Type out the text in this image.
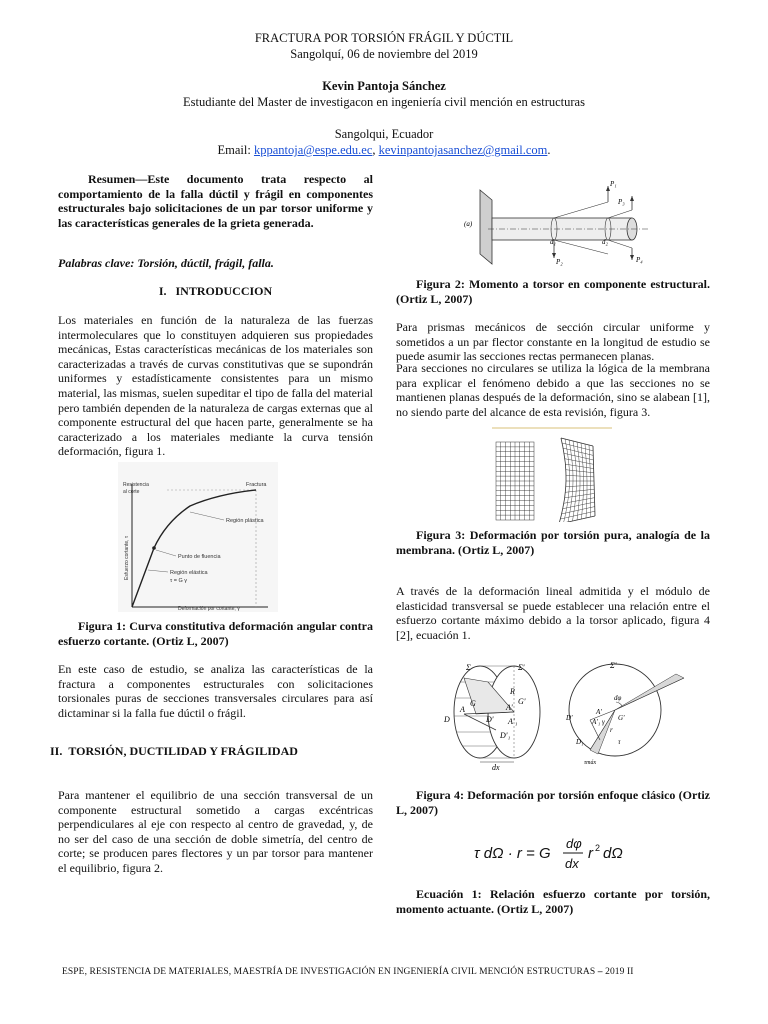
FRACTURA POR TORSIÓN FRÁGIL Y DÚCTIL
Sangolquí, 06 de noviembre del 2019
Kevin Pantoja Sánchez
Estudiante del Master de investigacon en ingeniería civil mención en estructuras
Sangolqui, Ecuador
Email: kppantoja@espe.edu.ec, kevinpantojasanchez@gmail.com.
Resumen—Este documento trata respecto al comportamiento de la falla dúctil y frágil en componentes estructurales bajo solicitaciones de un par torsor uniforme y las características generales de la grieta generada.
Palabras clave: Torsión, dúctil, frágil, falla.
I.   INTRODUCCION
Los materiales en función de la naturaleza de las fuerzas intermoleculares que lo constituyen adquieren sus propiedades mecánicas, Estas características mecánicas de los materiales son caracterizadas a través de curvas constitutivas que se supondrán uniformes y estadísticamente consistentes para un mismo material, las mismas, suelen supeditar el tipo de falla del material pero también dependen de la naturaleza de cargas externas que al componente estructural del que hacen parte, generalmente se ha caracterizado a los materiales mediante la curva tensión deformación, figura 1.
Resistencia
al corte
Fractura
Región plástica
Punto de fluencia
Región elástica
τ = G γ
Deformación por cortante, γ
Esfuerzo cortante, τ
Figura 1: Curva constitutiva deformación angular contra esfuerzo cortante. (Ortiz L, 2007)
En este caso de estudio, se analiza las características de la fractura a componentes estructurales con solicitaciones torsionales puras de secciones transversales circulares para así dictaminar si la falla fue dúctil o frágil.
II.  TORSIÓN, DUCTILIDAD Y FRÁGILIDAD
Para mantener el equilibrio de una sección transversal de un componente estructural sometido a cargas excéntricas perpendiculares al eje con respecto al centro de gravedad, y, de no ser del caso de una sección de doble simetría, del centro de corte; se producen pares flectores y un par torsor para mantener el equilibrio, figura 2.
(a)
P₁
P₃
P₂	P₄
d₁	d₂
Figura 2: Momento a torsor en componente estructural. (Ortiz L, 2007)
Para prismas mecánicos de sección circular uniforme y sometidos a un par flector constante en la longitud de estudio se puede asumir las secciones rectas permanecen planas.
Para secciones no circulares se utiliza la lógica de la membrana para explicar el fenómeno debido a que las secciones no se mantienen planas después de la deformación, sino se alabean [1], no siendo parte del alcance de esta revisión, figura 3.
Figura 3: Deformación por torsión pura, analogía de la membrana. (Ortiz L, 2007)
A través de la deformación lineal admitida y el módulo de elasticidad transversal se puede establecer una relación entre el esfuerzo cortante máximo debido a la torsor aplicado, figura 4 [2], ecuación 1.
Σ	Σ'
G	G'
A	A'
A'₁
D	D'
D'₁
R
dx
Σ'
dφ
A'
G'
A'₁ γ
r
τ
D'
D₁
τmáx
Figura 4: Deformación por torsión enfoque clásico (Ortiz L, 2007)
τ dΩ · r = G
dφ
dx
r 2 dΩ
Ecuación 1: Relación esfuerzo cortante por torsión, momento actuante. (Ortiz L, 2007)
ESPE, RESISTENCIA DE MATERIALES, MAESTRÍA DE INVESTIGACIÓN EN INGENIERÍA CIVIL MENCIÓN ESTRUCTURAS – 2019 II
